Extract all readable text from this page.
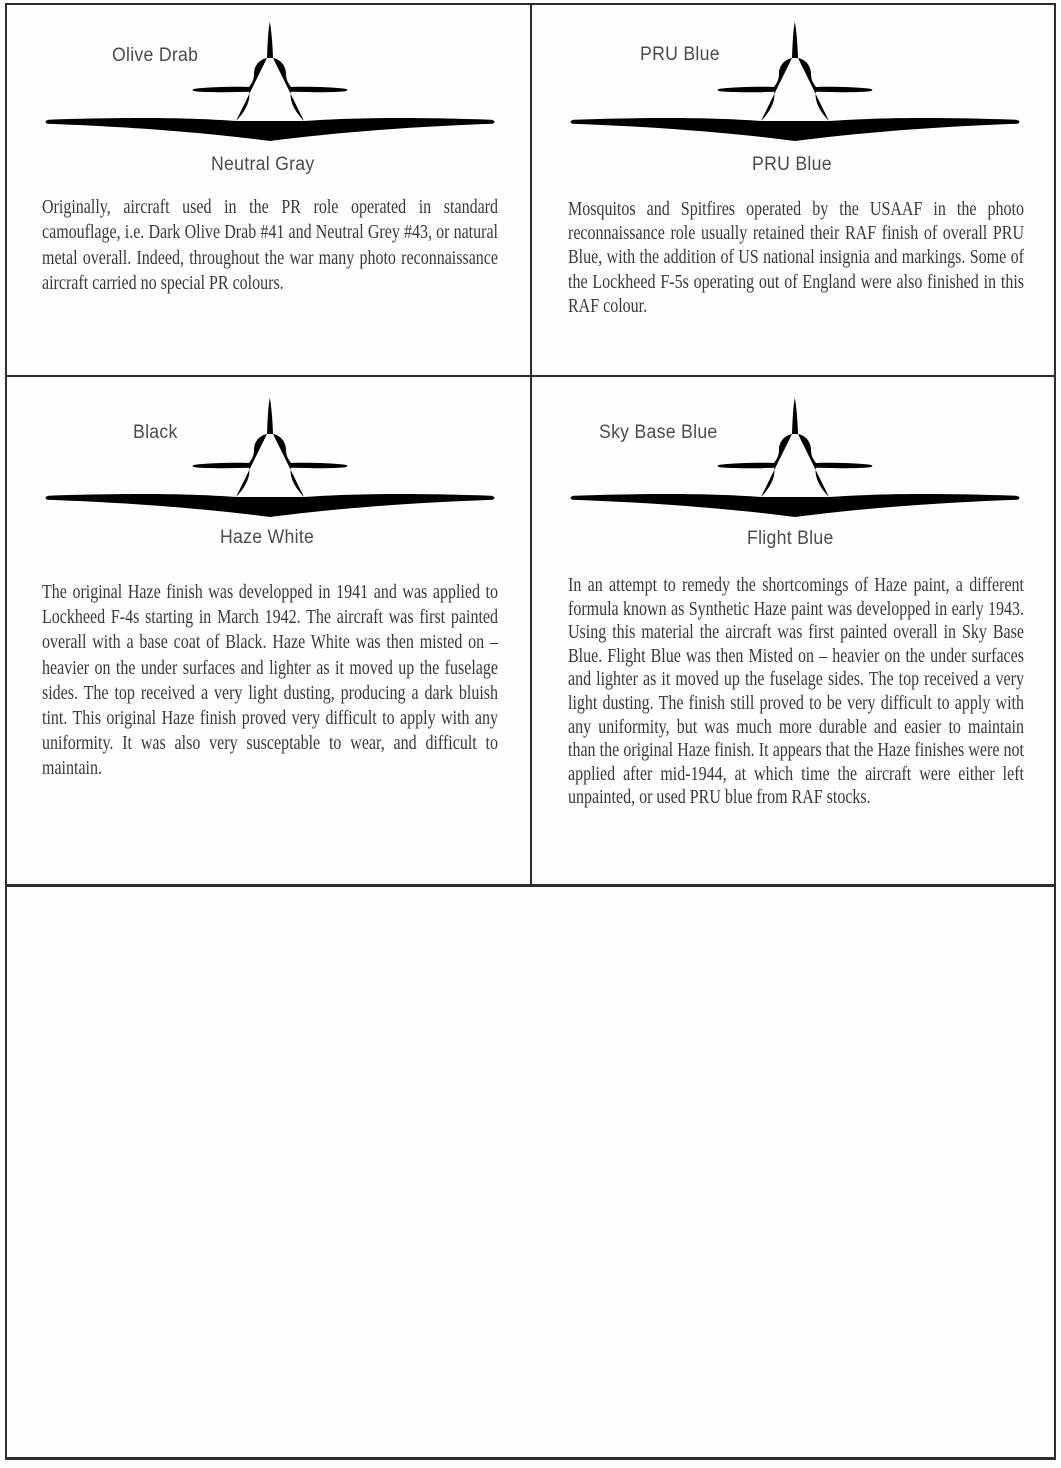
Olive Drab
Neutral Gray

Originally, aircraft used in the PR role operated in standard camouflage, i.e. Dark Olive Drab #41 and Neutral Grey #43, or natural metal overall. Indeed, throughout the war many photo reconnaissance aircraft carried no special PR colours.

PRU Blue
PRU Blue

Mosquitos and Spitfires operated by the USAAF in the photo reconnaissance role usually retained their RAF finish of overall PRU Blue, with the addition of US national insignia and markings. Some of the Lockheed F-5s operating out of England were also finished in this RAF colour.

Black
Haze White

The original Haze finish was developped in 1941 and was applied to Lockheed F-4s starting in March 1942. The aircraft was first painted overall with a base coat of Black. Haze White was then misted on – heavier on the under surfaces and lighter as it moved up the fuselage sides. The top received a very light dusting, producing a dark bluish tint. This original Haze finish proved very difficult to apply with any uniformity. It was also very susceptable to wear, and difficult to maintain.

Sky Base Blue
Flight Blue

In an attempt to remedy the shortcomings of Haze paint, a different formula known as Synthetic Haze paint was developped in early 1943. Using this material the aircraft was first painted overall in Sky Base Blue. Flight Blue was then Misted on – heavier on the under surfaces and lighter as it moved up the fuselage sides. The top received a very light dusting. The finish still proved to be very difficult to apply with any uniformity, but was much more durable and easier to maintain than the original Haze finish. It appears that the Haze finishes were not applied after mid-1944, at which time the aircraft were either left unpainted, or used PRU blue from RAF stocks.
